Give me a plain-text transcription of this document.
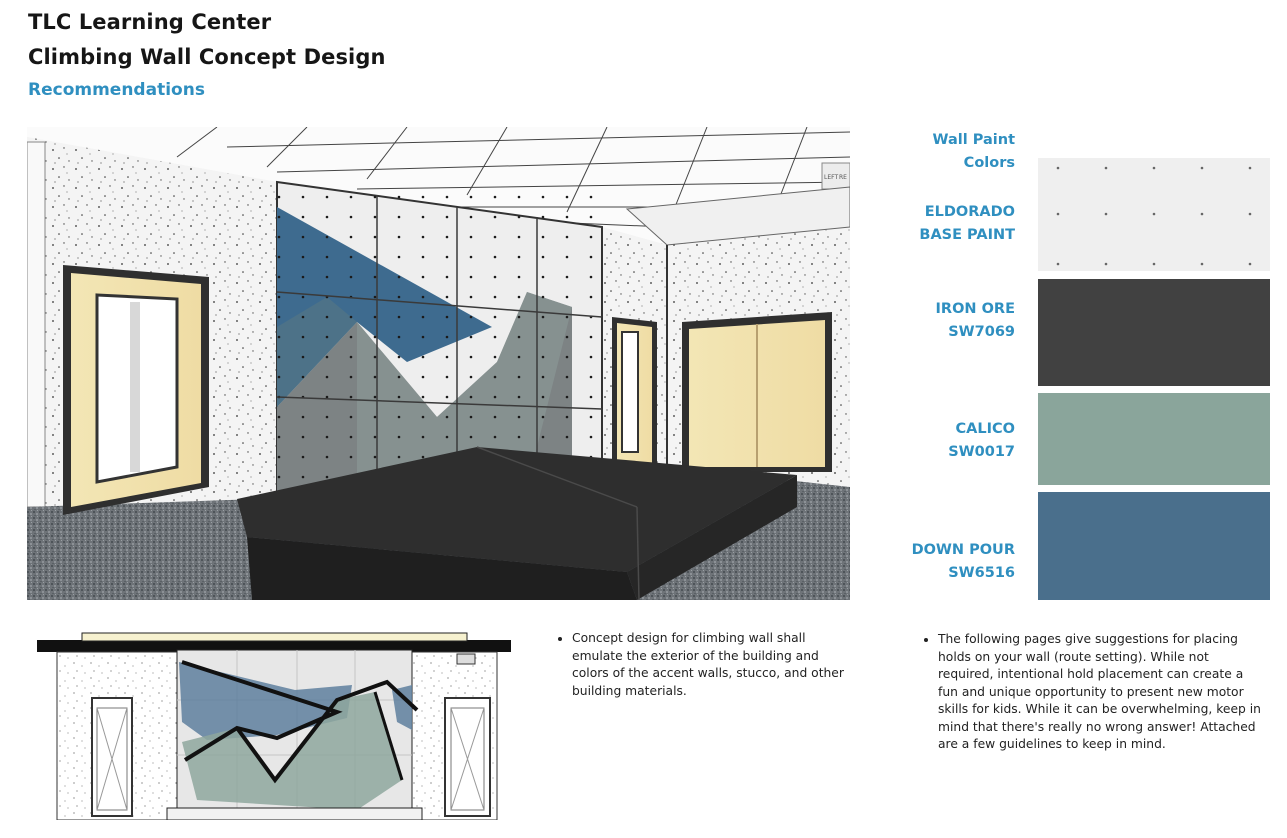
TLC Learning Center
Climbing Wall Concept Design
Recommendations
LEFT RE
Wall Paint
Colors
ELDORADO
BASE PAINT
IRON ORE
SW7069
CALICO
SW0017
DOWN POUR
SW6516
• Concept design for climbing wall shall emulate the exterior of the building and colors of the accent walls, stucco, and other building materials.
• The following pages give suggestions for placing holds on your wall (route setting). While not required, intentional hold placement can create a fun and unique opportunity to present new motor skills for kids. While it can be overwhelming, keep in mind that there's really no wrong answer! Attached are a few guidelines to keep in mind.
